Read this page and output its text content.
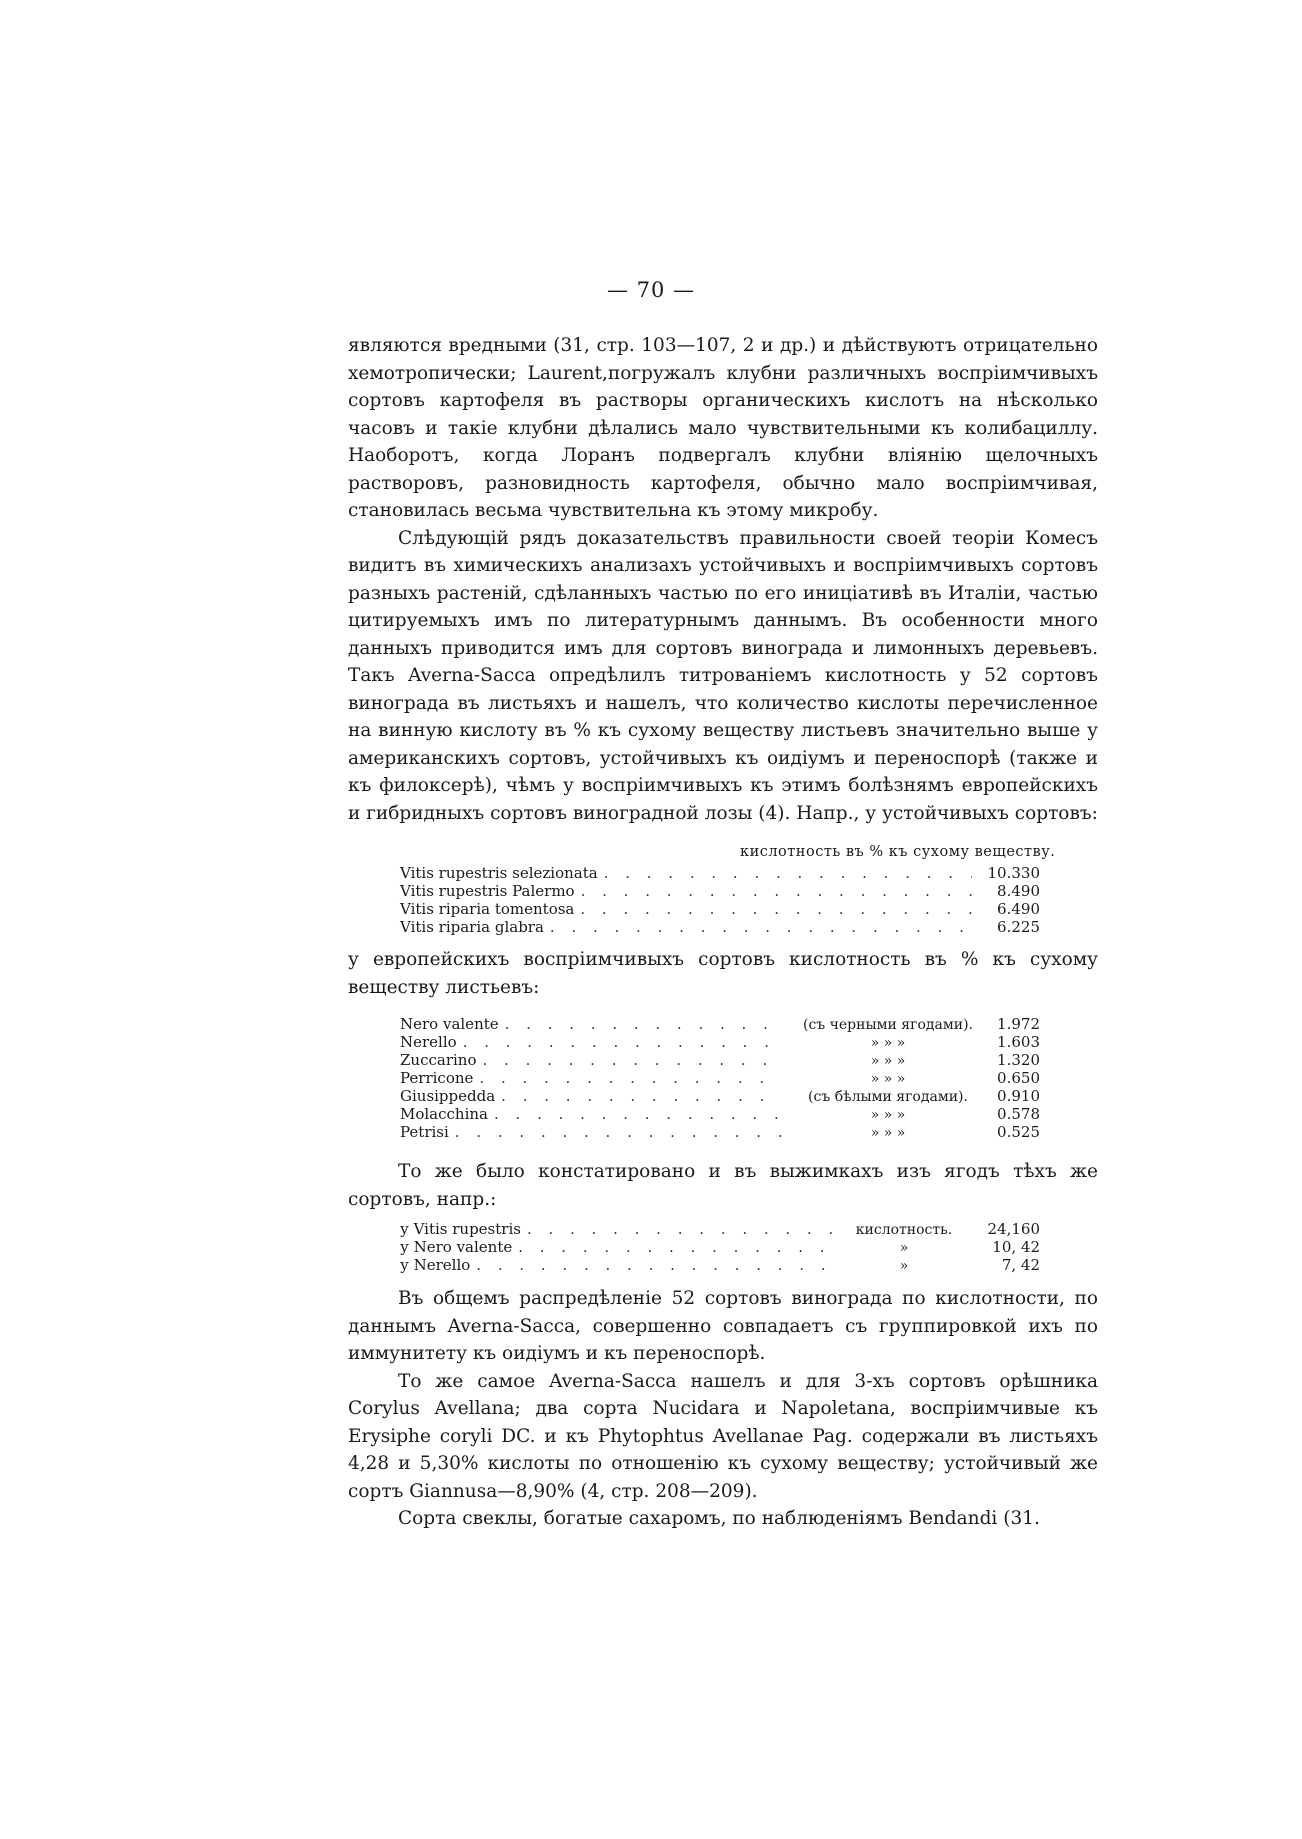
— 70 —

являются вредными (31, стр. 103—107, 2 и др.) и дѣйствуютъ отрицательно хемотропически; Laurent,погружалъ клубни различныхъ воспріимчивыхъ сортовъ картофеля въ растворы органическихъ кислотъ на нѣсколько часовъ и такіе клубни дѣлались мало чувствительными къ колибациллу. Наоборотъ, когда Лоранъ подвергалъ клубни вліянію щелочныхъ растворовъ, разновидность картофеля, обычно мало воспріимчивая, становилась весьма чувствительна къ этому микробу.

Слѣдующій рядъ доказательствъ правильности своей теоріи Комесъ видитъ въ химическихъ анализахъ устойчивыхъ и воспріимчивыхъ сортовъ разныхъ растеній, сдѣланныхъ частью по его иниціативѣ въ Италіи, частью цитируемыхъ имъ по литературнымъ даннымъ. Въ особенности много данныхъ приводится имъ для сортовъ винограда и лимонныхъ деревьевъ. Такъ Averna-Sacca опредѣлилъ титрованіемъ кислотность у 52 сортовъ винограда въ листьяхъ и нашелъ, что количество кислоты перечисленное на винную кислоту въ % къ сухому веществу листьевъ значительно выше у американскихъ сортовъ, устойчивыхъ къ оидіумъ и переноспорѣ (также и къ филоксерѣ), чѣмъ у воспріимчивыхъ къ этимъ болѣзнямъ европейскихъ и гибридныхъ сортовъ виноградной лозы (4). Напр., у устойчивыхъ сортовъ:

кислотность въ % къ сухому веществу.
Vitis rupestris selezionata . . .	10.330
Vitis rupestris Palermo . . .	8.490
Vitis riparia tomentosa . . .	6.490
Vitis riparia glabra . . .	6.225

у европейскихъ воспріимчивыхъ сортовъ кислотность въ % къ сухому веществу листьевъ:

Nero valente . . .	(съ черными ягодами).	1.972
Nerello . . .	» » »	1.603
Zuccarino . . .	» » »	1.320
Perricone . . .	» » »	0.650
Giusippedda . . .	(съ бѣлыми ягодами).	0.910
Molacchina . . .	» » »	0.578
Petrisi . . .	» » »	0.525

То же было констатировано и въ выжимкахъ изъ ягодъ тѣхъ же сортовъ, напр.:

у Vitis rupestris . . .	кислотность.	24,160
у Nero valente . . .	»	10, 42
у Nerello . . .	»	7, 42

Въ общемъ распредѣленіе 52 сортовъ винограда по кислотности, по даннымъ Averna-Sacca, совершенно совпадаетъ съ группировкой ихъ по иммунитету къ оидіумъ и къ переноспорѣ.

То же самое Averna-Sacca нашелъ и для 3-хъ сортовъ орѣшника Corylus Avellana; два сорта Nucidara и Napoletana, воспріимчивые къ Erysiphe coryli DC. и къ Phytophtus Avellanae Pag. содержали въ листьяхъ 4,28 и 5,30% кислоты по отношенію къ сухому веществу; устойчивый же сортъ Giannusa—8,90% (4, стр. 208—209).

Сорта свеклы, богатые сахаромъ, по наблюденіямъ Bendandi (31.
